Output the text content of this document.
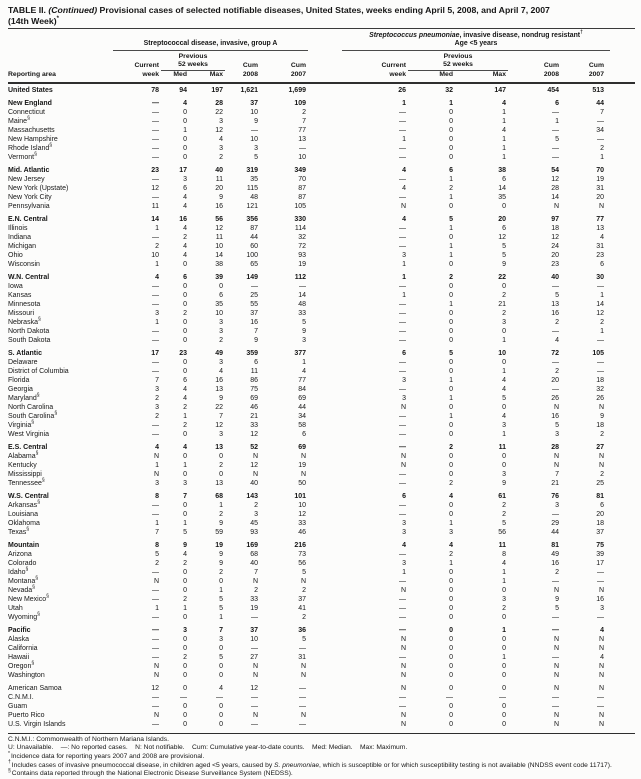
TABLE II. (Continued) Provisional cases of selected notifiable diseases, United States, weeks ending April 5, 2008, and April 7, 2007
(14th Week)*
Streptococcal disease, invasive, group A
Streptococcus pneumoniae, invasive disease, nondrug resistant†
Age <5 years
Reporting area
Current
week
Previous
52 weeks
Med	Max
Cum
2008
Cum
2007
Current
week
Previous
52 weeks
Med	Max
Cum
2008
Cum
2007
United States	78	94	197	1,621	1,699	26	32	147	454	513
New England	—	4	28	37	109	1	1	4	6	44
Connecticut	—	0	22	10	2	—	0	1	—	7
Maine§	—	0	3	9	7	—	0	1	1	—
Massachusetts	—	1	12	—	77	—	0	4	—	34
New Hampshire	—	0	4	10	13	1	0	1	5	—
Rhode Island§	—	0	3	3	—	—	0	1	—	2
Vermont§	—	0	2	5	10	—	0	1	—	1
Mid. Atlantic	23	17	40	319	349	4	6	38	54	70
New Jersey	—	3	11	35	70	—	1	6	12	19
New York (Upstate)	12	6	20	115	87	4	2	14	28	31
New York City	—	4	9	48	87	—	1	35	14	20
Pennsylvania	11	4	16	121	105	N	0	0	N	N
E.N. Central	14	16	56	356	330	4	5	20	97	77
Illinois	1	4	12	87	114	—	1	6	18	13
Indiana	—	2	11	44	32	—	0	12	12	4
Michigan	2	4	10	60	72	—	1	5	24	31
Ohio	10	4	14	100	93	3	1	5	20	23
Wisconsin	1	0	38	65	19	1	0	9	23	6
W.N. Central	4	6	39	149	112	1	2	22	40	30
Iowa	—	0	0	—	—	—	0	0	—	—
Kansas	—	0	6	25	14	1	0	2	5	1
Minnesota	—	0	35	55	48	—	1	21	13	14
Missouri	3	2	10	37	33	—	0	2	16	12
Nebraska§	1	0	3	16	5	—	0	3	2	2
North Dakota	—	0	3	7	9	—	0	0	—	1
South Dakota	—	0	2	9	3	—	0	1	4	—
S. Atlantic	17	23	49	359	377	6	5	10	72	105
Delaware	—	0	3	6	1	—	0	0	—	—
District of Columbia	—	0	4	11	4	—	0	1	2	—
Florida	7	6	16	86	77	3	1	4	20	18
Georgia	3	4	13	75	84	—	0	4	—	32
Maryland§	2	4	9	69	69	3	1	5	26	26
North Carolina	3	2	22	46	44	N	0	0	N	N
South Carolina§	2	1	7	21	34	—	1	4	16	9
Virginia§	—	2	12	33	58	—	0	3	5	18
West Virginia	—	0	3	12	6	—	0	1	3	2
E.S. Central	4	4	13	52	69	—	2	11	28	27
Alabama§	N	0	0	N	N	N	0	0	N	N
Kentucky	1	1	2	12	19	N	0	0	N	N
Mississippi	N	0	0	N	N	—	0	3	7	2
Tennessee§	3	3	13	40	50	—	2	9	21	25
W.S. Central	8	7	68	143	101	6	4	61	76	81
Arkansas§	—	0	1	2	10	—	0	2	3	6
Louisiana	—	0	2	3	12	—	0	2	—	20
Oklahoma	1	1	9	45	33	3	1	5	29	18
Texas§	7	5	59	93	46	3	3	56	44	37
Mountain	8	9	19	169	216	4	4	11	81	75
Arizona	5	4	9	68	73	—	2	8	49	39
Colorado	2	2	9	40	56	3	1	4	16	17
Idaho§	—	0	2	7	5	1	0	1	2	—
Montana§	N	0	0	N	N	—	0	1	—	—
Nevada§	—	0	1	2	2	N	0	0	N	N
New Mexico§	—	2	5	33	37	—	0	3	9	16
Utah	1	1	5	19	41	—	0	2	5	3
Wyoming§	—	0	1	—	2	—	0	0	—	—
Pacific	—	3	7	37	36	—	0	1	—	4
Alaska	—	0	3	10	5	N	0	0	N	N
California	—	0	0	—	—	N	0	0	N	N
Hawaii	—	2	5	27	31	—	0	1	—	4
Oregon§	N	0	0	N	N	N	0	0	N	N
Washington	N	0	0	N	N	N	0	0	N	N
American Samoa	12	0	4	12	—	N	0	0	N	N
C.N.M.I.	—	—	—	—	—	—	—	—	—	—
Guam	—	0	0	—	—	—	0	0	—	—
Puerto Rico	N	0	0	N	N	N	0	0	N	N
U.S. Virgin Islands	—	0	0	—	—	N	0	0	N	N
C.N.M.I.: Commonwealth of Northern Mariana Islands.
U: Unavailable.    —: No reported cases.    N: Not notifiable.    Cum: Cumulative year-to-date counts.    Med: Median.    Max: Maximum.
*Incidence data for reporting years 2007 and 2008 are provisional.
†Includes cases of invasive pneumococcal disease, in children aged <5 years, caused by S. pneumoniae, which is susceptible or for which susceptibility testing is not available (NNDSS event code 11717).
§Contains data reported through the National Electronic Disease Surveillance System (NEDSS).
